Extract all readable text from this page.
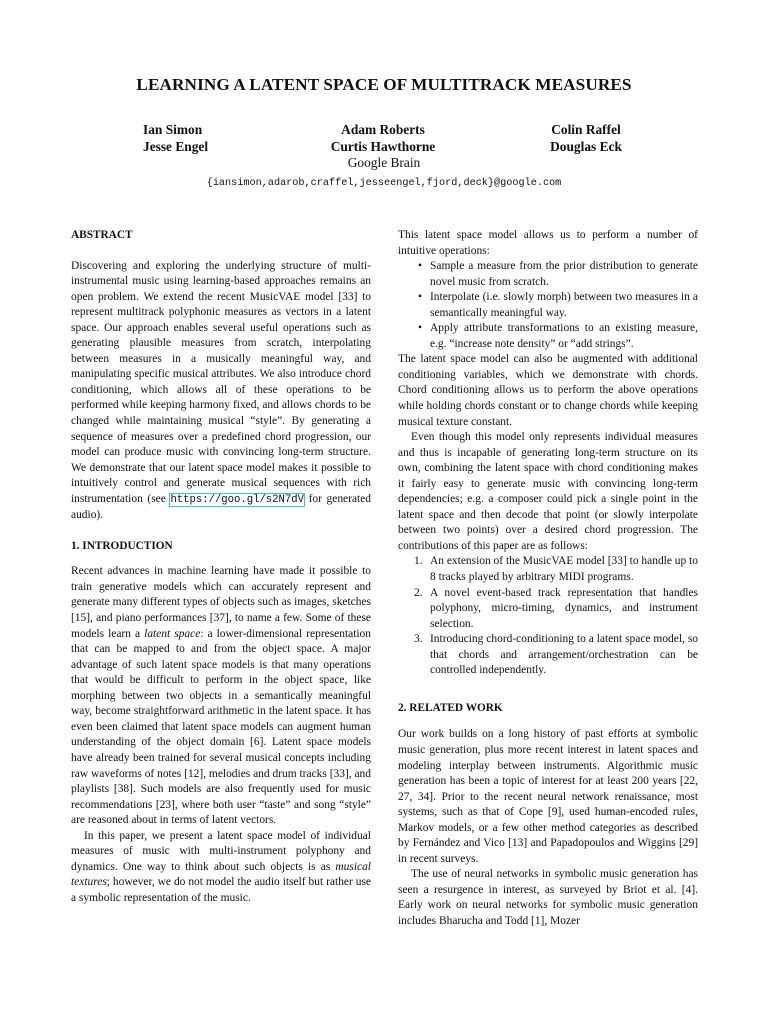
LEARNING A LATENT SPACE OF MULTITRACK MEASURES
Ian Simon
Jesse Engel
Adam Roberts
Curtis Hawthorne
Colin Raffel
Douglas Eck
Google Brain
{iansimon,adarob,craffel,jesseengel,fjord,deck}@google.com

ABSTRACT

Discovering and exploring the underlying structure of multi-instrumental music using learning-based approaches remains an open problem. We extend the recent MusicVAE model [33] to represent multitrack polyphonic measures as vectors in a latent space. Our approach enables several useful operations such as generating plausible measures from scratch, interpolating between measures in a musically meaningful way, and manipulating specific musical attributes. We also introduce chord conditioning, which allows all of these operations to be performed while keeping harmony fixed, and allows chords to be changed while maintaining musical “style”. By generating a sequence of measures over a predefined chord progression, our model can produce music with convincing long-term structure. We demonstrate that our latent space model makes it possible to intuitively control and generate musical sequences with rich instrumentation (see https://goo.gl/s2N7dV for generated audio).

1. INTRODUCTION

Recent advances in machine learning have made it possible to train generative models which can accurately represent and generate many different types of objects such as images, sketches [15], and piano performances [37], to name a few. Some of these models learn a latent space: a lower-dimensional representation that can be mapped to and from the object space. A major advantage of such latent space models is that many operations that would be difficult to perform in the object space, like morphing between two objects in a semantically meaningful way, become straightforward arithmetic in the latent space. It has even been claimed that latent space models can augment human understanding of the object domain [6]. Latent space models have already been trained for several musical concepts including raw waveforms of notes [12], melodies and drum tracks [33], and playlists [38]. Such models are also frequently used for music recommendations [23], where both user “taste” and song “style” are reasoned about in terms of latent vectors.

In this paper, we present a latent space model of individual measures of music with multi-instrument polyphony and dynamics. One way to think about such objects is as musical textures; however, we do not model the audio itself but rather use a symbolic representation of the music.

This latent space model allows us to perform a number of intuitive operations:

• Sample a measure from the prior distribution to generate novel music from scratch.
• Interpolate (i.e. slowly morph) between two measures in a semantically meaningful way.
• Apply attribute transformations to an existing measure, e.g. “increase note density” or “add strings”.

The latent space model can also be augmented with additional conditioning variables, which we demonstrate with chords. Chord conditioning allows us to perform the above operations while holding chords constant or to change chords while keeping musical texture constant.

Even though this model only represents individual measures and thus is incapable of generating long-term structure on its own, combining the latent space with chord conditioning makes it fairly easy to generate music with convincing long-term dependencies; e.g. a composer could pick a single point in the latent space and then decode that point (or slowly interpolate between two points) over a desired chord progression. The contributions of this paper are as follows:

1. An extension of the MusicVAE model [33] to handle up to 8 tracks played by arbitrary MIDI programs.
2. A novel event-based track representation that handles polyphony, micro-timing, dynamics, and instrument selection.
3. Introducing chord-conditioning to a latent space model, so that chords and arrangement/orchestration can be controlled independently.

2. RELATED WORK

Our work builds on a long history of past efforts at symbolic music generation, plus more recent interest in latent spaces and modeling interplay between instruments. Algorithmic music generation has been a topic of interest for at least 200 years [22, 27, 34]. Prior to the recent neural network renaissance, most systems, such as that of Cope [9], used human-encoded rules, Markov models, or a few other method categories as described by Fernández and Vico [13] and Papadopoulos and Wiggins [29] in recent surveys.

The use of neural networks in symbolic music generation has seen a resurgence in interest, as surveyed by Briot et al. [4]. Early work on neural networks for symbolic music generation includes Bharucha and Todd [1], Mozer
